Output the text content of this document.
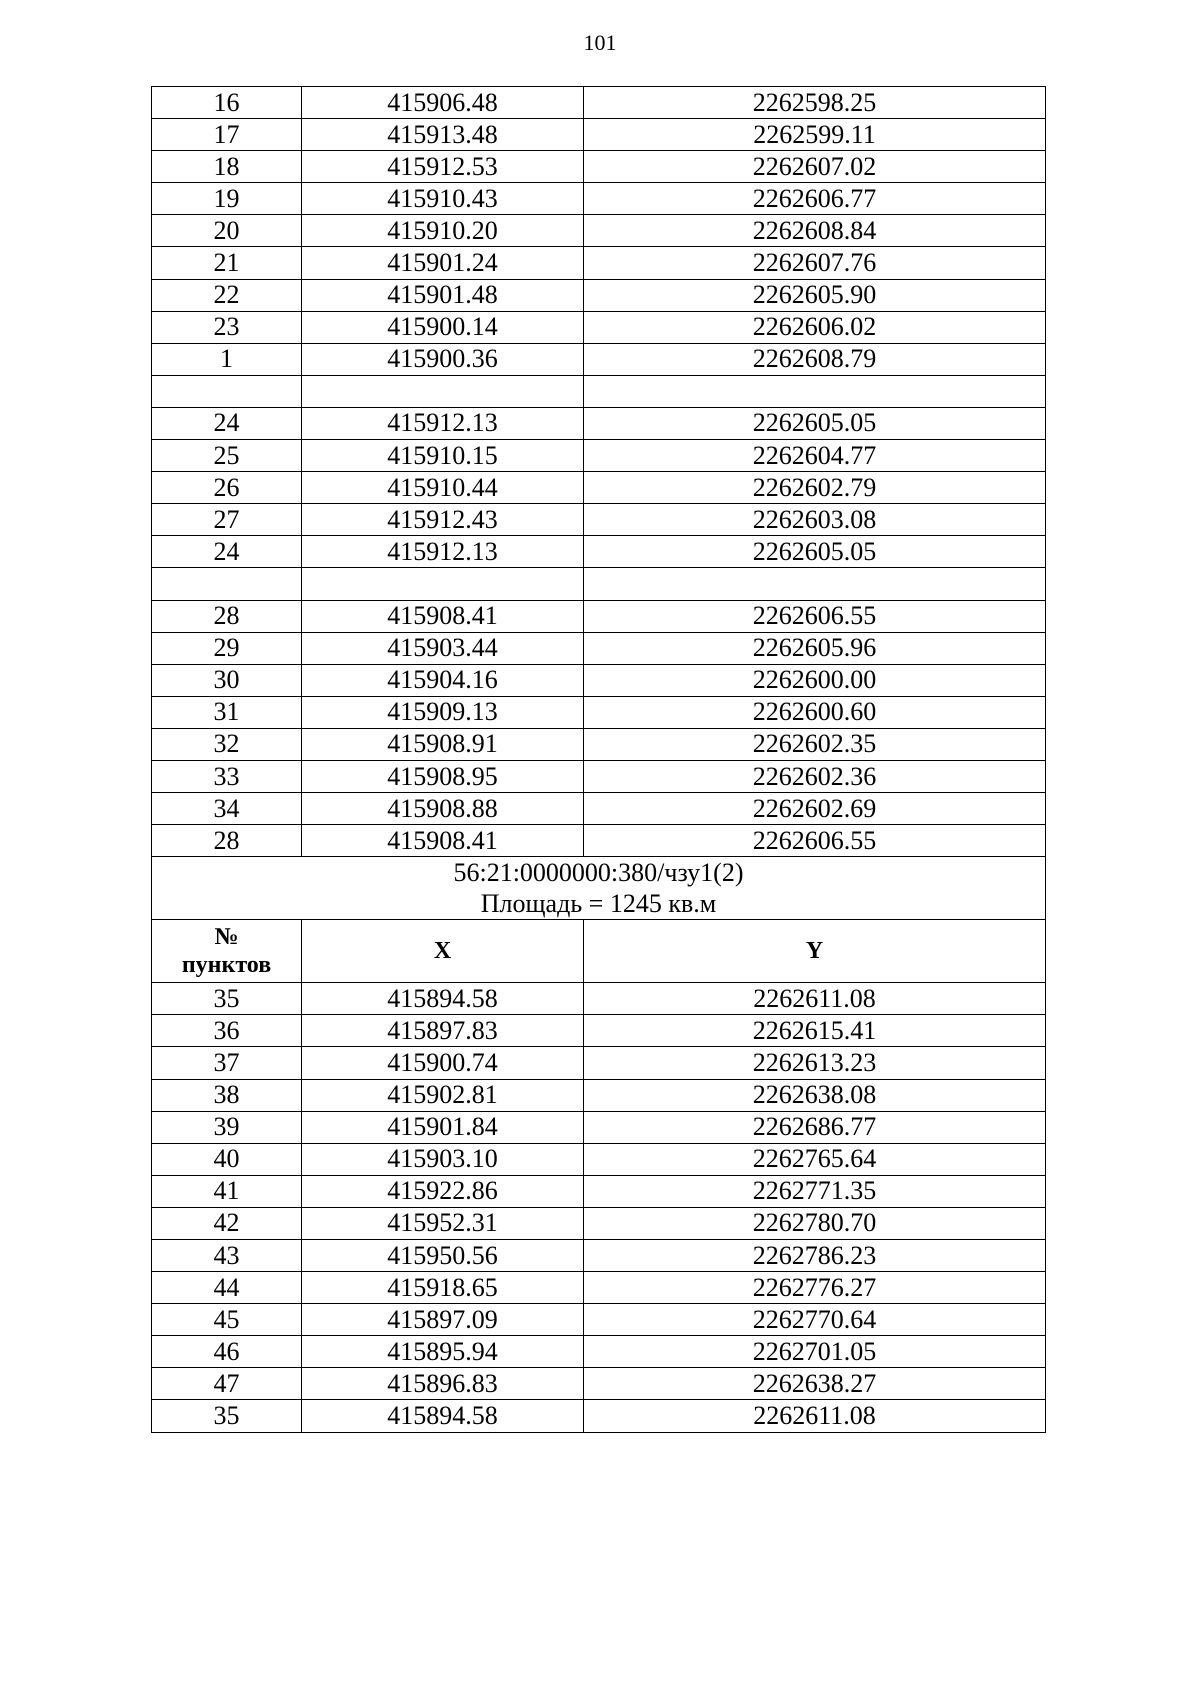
101
16	415906.48	2262598.25
17	415913.48	2262599.11
18	415912.53	2262607.02
19	415910.43	2262606.77
20	415910.20	2262608.84
21	415901.24	2262607.76
22	415901.48	2262605.90
23	415900.14	2262606.02
1	415900.36	2262608.79

24	415912.13	2262605.05
25	415910.15	2262604.77
26	415910.44	2262602.79
27	415912.43	2262603.08
24	415912.13	2262605.05

28	415908.41	2262606.55
29	415903.44	2262605.96
30	415904.16	2262600.00
31	415909.13	2262600.60
32	415908.91	2262602.35
33	415908.95	2262602.36
34	415908.88	2262602.69
28	415908.41	2262606.55

56:21:0000000:380/чзу1(2)
Площадь = 1245 кв.м		

№
пунктов	X	Y
35	415894.58	2262611.08
36	415897.83	2262615.41
37	415900.74	2262613.23
38	415902.81	2262638.08
39	415901.84	2262686.77
40	415903.10	2262765.64
41	415922.86	2262771.35
42	415952.31	2262780.70
43	415950.56	2262786.23
44	415918.65	2262776.27
45	415897.09	2262770.64
46	415895.94	2262701.05
47	415896.83	2262638.27
35	415894.58	2262611.08
